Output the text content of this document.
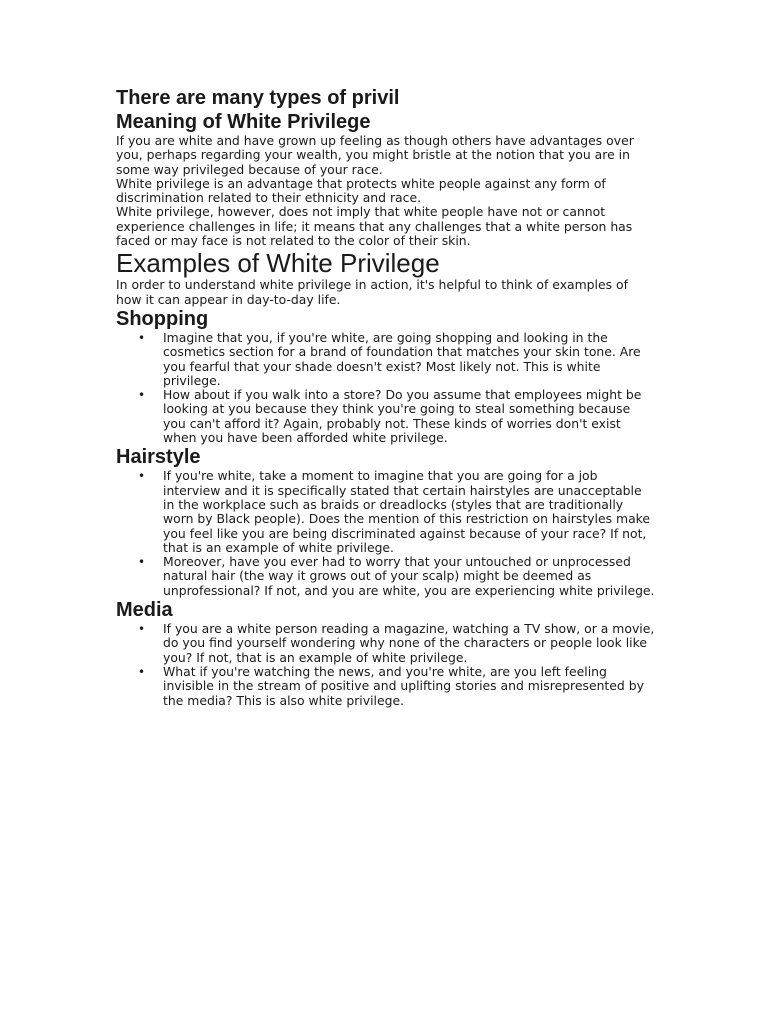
There are many types of privil
Meaning of White Privilege

If you are white and have grown up feeling as though others have advantages over you, perhaps regarding your wealth, you might bristle at the notion that you are in some way privileged because of your race.

White privilege is an advantage that protects white people against any form of discrimination related to their ethnicity and race.

White privilege, however, does not imply that white people have not or cannot experience challenges in life; it means that any challenges that a white person has faced or may face is not related to the color of their skin.

Examples of White Privilege

In order to understand white privilege in action, it's helpful to think of examples of how it can appear in day-to-day life.

Shopping
• Imagine that you, if you're white, are going shopping and looking in the cosmetics section for a brand of foundation that matches your skin tone. Are you fearful that your shade doesn't exist? Most likely not. This is white privilege.
• How about if you walk into a store? Do you assume that employees might be looking at you because they think you're going to steal something because you can't afford it? Again, probably not. These kinds of worries don't exist when you have been afforded white privilege.
Hairstyle
• If you're white, take a moment to imagine that you are going for a job interview and it is specifically stated that certain hairstyles are unacceptable in the workplace such as braids or dreadlocks (styles that are traditionally worn by Black people). Does the mention of this restriction on hairstyles make you feel like you are being discriminated against because of your race? If not, that is an example of white privilege.
• Moreover, have you ever had to worry that your untouched or unprocessed natural hair (the way it grows out of your scalp) might be deemed as unprofessional? If not, and you are white, you are experiencing white privilege.
Media
• If you are a white person reading a magazine, watching a TV show, or a movie, do you find yourself wondering why none of the characters or people look like you? If not, that is an example of white privilege.
• What if you're watching the news, and you're white, are you left feeling invisible in the stream of positive and uplifting stories and misrepresented by the media? This is also white privilege.
